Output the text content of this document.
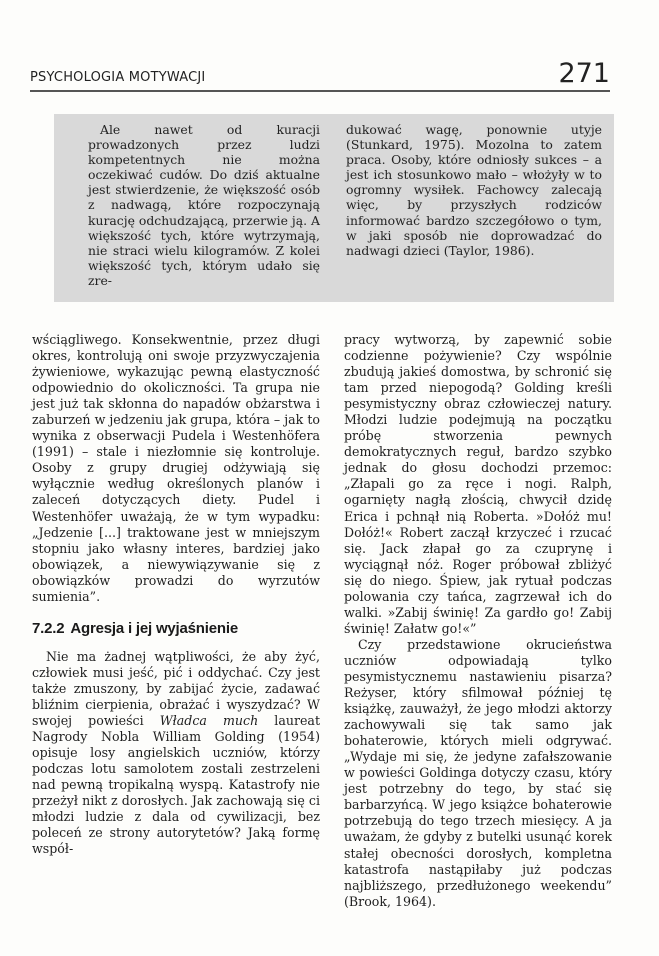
PSYCHOLOGIA MOTYWACJI	271
Ale nawet od kuracji prowadzonych przez ludzi kompetentnych nie można oczekiwać cudów. Do dziś aktualne jest stwierdzenie, że większość osób z nadwagą, które rozpoczynają kurację odchudzającą, przerwie ją. A większość tych, które wytrzymają, nie straci wielu kilogramów. Z kolei większość tych, którym udało się zre-
dukować wagę, ponownie utyje (Stunkard, 1975). Mozolna to zatem praca. Osoby, które odniosły sukces – a jest ich stosunkowo mało – włożyły w to ogromny wysiłek. Fachowcy zalecają więc, by przyszłych rodziców informować bardzo szczegółowo o tym, w jaki sposób nie doprowadzać do nadwagi dzieci (Taylor, 1986).

wściągliwego. Konsekwentnie, przez długi okres, kontrolują oni swoje przyzwyczajenia żywieniowe, wykazując pewną elastyczność odpowiednio do okoliczności. Ta grupa nie jest już tak skłonna do napadów obżarstwa i zaburzeń w jedzeniu jak grupa, która – jak to wynika z obserwacji Pudela i Westenhöfera (1991) – stale i niezłomnie się kontroluje. Osoby z grupy drugiej odżywiają się wyłącznie według określonych planów i zaleceń dotyczących diety. Pudel i Westenhöfer uważają, że w tym wypadku: „Jedzenie [...] traktowane jest w mniejszym stopniu jako własny interes, bardziej jako obowiązek, a niewywiązywanie się z obowiązków prowadzi do wyrzutów sumienia”.

7.2.2 Agresja i jej wyjaśnienie

Nie ma żadnej wątpliwości, że aby żyć, człowiek musi jeść, pić i oddychać. Czy jest także zmuszony, by zabijać życie, zadawać bliźnim cierpienia, obrażać i wyszydzać? W swojej powieści Władca much laureat Nagrody Nobla William Golding (1954) opisuje losy angielskich uczniów, którzy podczas lotu samolotem zostali zestrzeleni nad pewną tropikalną wyspą. Katastrofy nie przeżył nikt z dorosłych. Jak zachowają się ci młodzi ludzie z dala od cywilizacji, bez poleceń ze strony autorytetów? Jaką formę współ-

pracy wytworzą, by zapewnić sobie codzienne pożywienie? Czy wspólnie zbudują jakieś domostwa, by schronić się tam przed niepogodą? Golding kreśli pesymistyczny obraz człowieczej natury. Młodzi ludzie podejmują na początku próbę stworzenia pewnych demokratycznych reguł, bardzo szybko jednak do głosu dochodzi przemoc: „Złapali go za ręce i nogi. Ralph, ogarnięty nagłą złością, chwycił dzidę Erica i pchnął nią Roberta. »Dołóż mu! Dołóż!« Robert zaczął krzyczeć i rzucać się. Jack złapał go za czuprynę i wyciągnął nóż. Roger próbował zbliżyć się do niego. Śpiew, jak rytuał podczas polowania czy tańca, zagrzewał ich do walki. »Zabij świnię! Za gardło go! Zabij świnię! Załatw go!«”

Czy przedstawione okrucieństwa uczniów odpowiadają tylko pesymistycznemu nastawieniu pisarza? Reżyser, który sfilmował później tę książkę, zauważył, że jego młodzi aktorzy zachowywali się tak samo jak bohaterowie, których mieli odgrywać. „Wydaje mi się, że jedyne zafałszowanie w powieści Goldinga dotyczy czasu, który jest potrzebny do tego, by stać się barbarzyńcą. W jego książce bohaterowie potrzebują do tego trzech miesięcy. A ja uważam, że gdyby z butelki usunąć korek stałej obecności dorosłych, kompletna katastrofa nastąpiłaby już podczas najbliższego, przedłużonego weekendu” (Brook, 1964).
